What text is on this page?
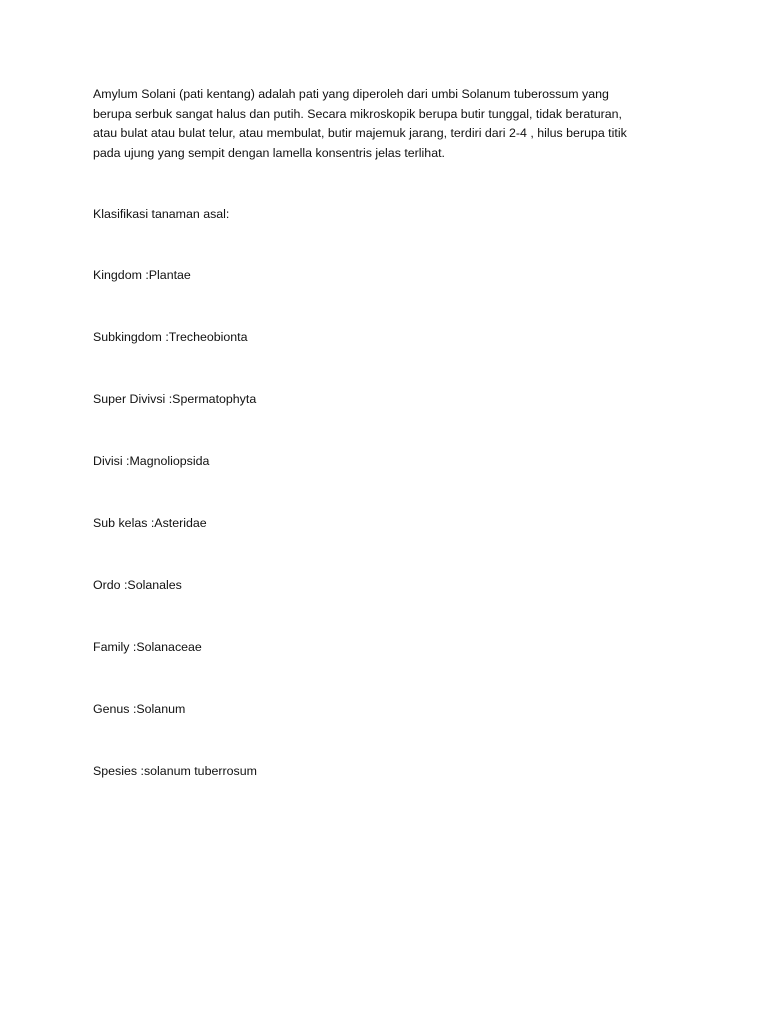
Amylum Solani (pati kentang) adalah pati yang diperoleh dari umbi Solanum tuberossum yang
berupa serbuk sangat halus dan putih. Secara mikroskopik berupa butir tunggal, tidak beraturan,
atau bulat atau bulat telur, atau membulat, butir majemuk jarang, terdiri dari 2-4 , hilus berupa titik
pada ujung yang sempit dengan lamella konsentris jelas terlihat.

Klasifikasi tanaman asal:

Kingdom :Plantae

Subkingdom :Trecheobionta

Super Divivsi :Spermatophyta

Divisi :Magnoliopsida

Sub kelas :Asteridae

Ordo :Solanales

Family :Solanaceae

Genus :Solanum

Spesies :solanum tuberrosum
